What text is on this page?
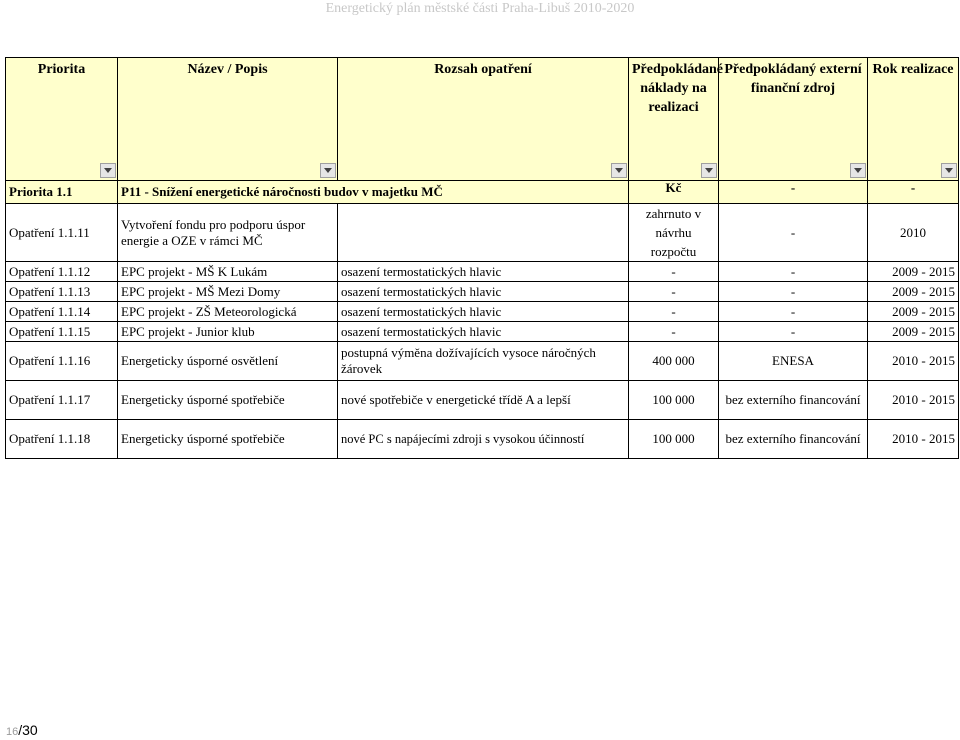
Energetický plán městské části Praha-Libuš 2010-2020
Priorita	Název / Popis	Rozsah opatření	Předpokládané náklady na realizaci	Předpokládaný externí finanční zdroj	Rok realizace

Priorita 1.1	P11 - Snížení energetické náročnosti budov v majetku MČ		Kč	-	-
Opatření 1.1.11	Vytvoření fondu pro podporu úspor energie a OZE v rámci MČ		zahrnuto v návrhu rozpočtu	-	2010
Opatření 1.1.12	EPC projekt - MŠ K Lukám	osazení termostatických hlavic	-	-	2009 - 2015
Opatření 1.1.13	EPC projekt - MŠ Mezi Domy	osazení termostatických hlavic	-	-	2009 - 2015
Opatření 1.1.14	EPC projekt - ZŠ Meteorologická	osazení termostatických hlavic	-	-	2009 - 2015
Opatření 1.1.15	EPC projekt - Junior klub	osazení termostatických hlavic	-	-	2009 - 2015
Opatření 1.1.16	Energeticky úsporné osvětlení	postupná výměna dožívajících vysoce náročných žárovek	400 000	ENESA	2010 - 2015
Opatření 1.1.17	Energeticky úsporné spotřebiče	nové spotřebiče v energetické třídě A a lepší	100 000	bez externího financování	2010 - 2015
Opatření 1.1.18	Energeticky úsporné spotřebiče	nové PC s napájecími zdroji s vysokou účinností	100 000	bez externího financování	2010 - 2015
16/30
